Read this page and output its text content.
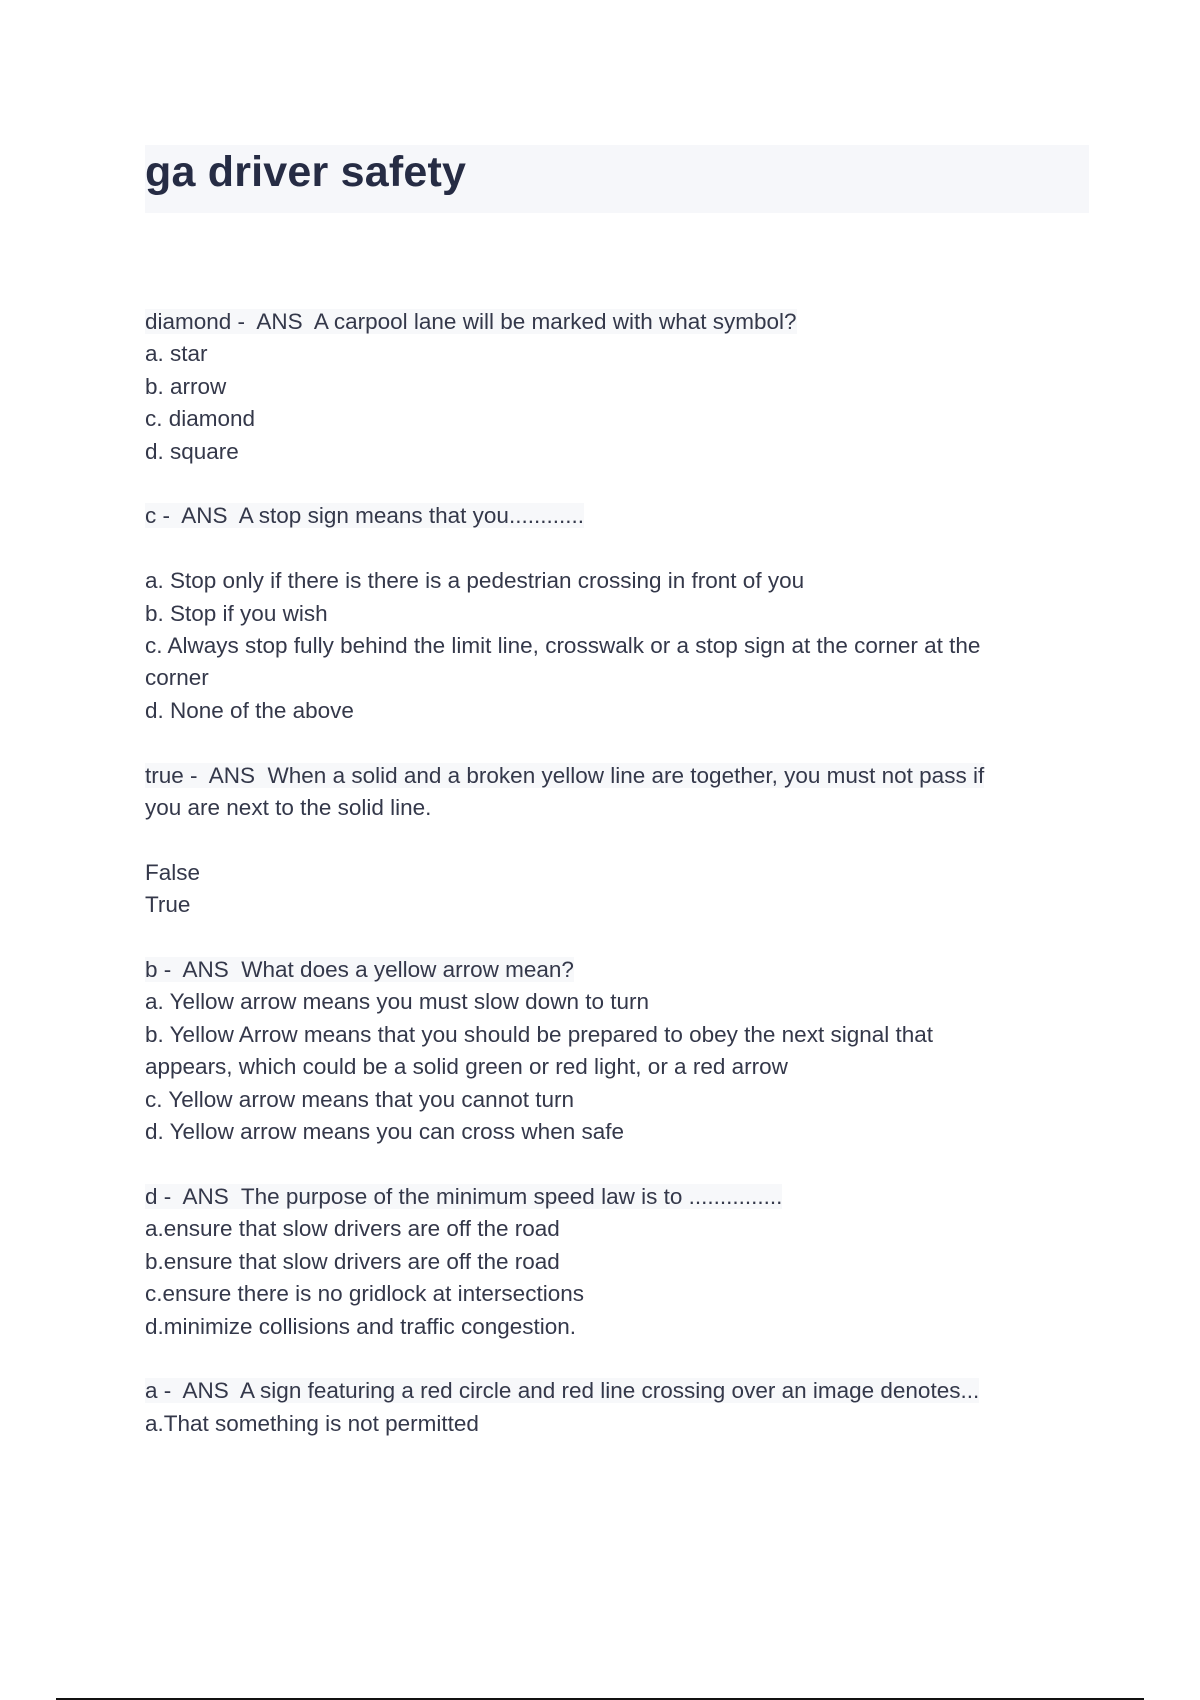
ga driver safety
diamond -  ANS  A carpool lane will be marked with what symbol?
a. star
b. arrow
c. diamond
d. square
c -  ANS  A stop sign means that you............
a. Stop only if there is there is a pedestrian crossing in front of you
b. Stop if you wish
c. Always stop fully behind the limit line, crosswalk or a stop sign at the corner at the
corner
d. None of the above
true -  ANS  When a solid and a broken yellow line are together, you must not pass if
you are next to the solid line.
False
True
b -  ANS  What does a yellow arrow mean?
a. Yellow arrow means you must slow down to turn
b. Yellow Arrow means that you should be prepared to obey the next signal that
appears, which could be a solid green or red light, or a red arrow
c. Yellow arrow means that you cannot turn
d. Yellow arrow means you can cross when safe
d -  ANS  The purpose of the minimum speed law is to ...............
a.ensure that slow drivers are off the road
b.ensure that slow drivers are off the road
c.ensure there is no gridlock at intersections
d.minimize collisions and traffic congestion.
a -  ANS  A sign featuring a red circle and red line crossing over an image denotes...
a.That something is not permitted
